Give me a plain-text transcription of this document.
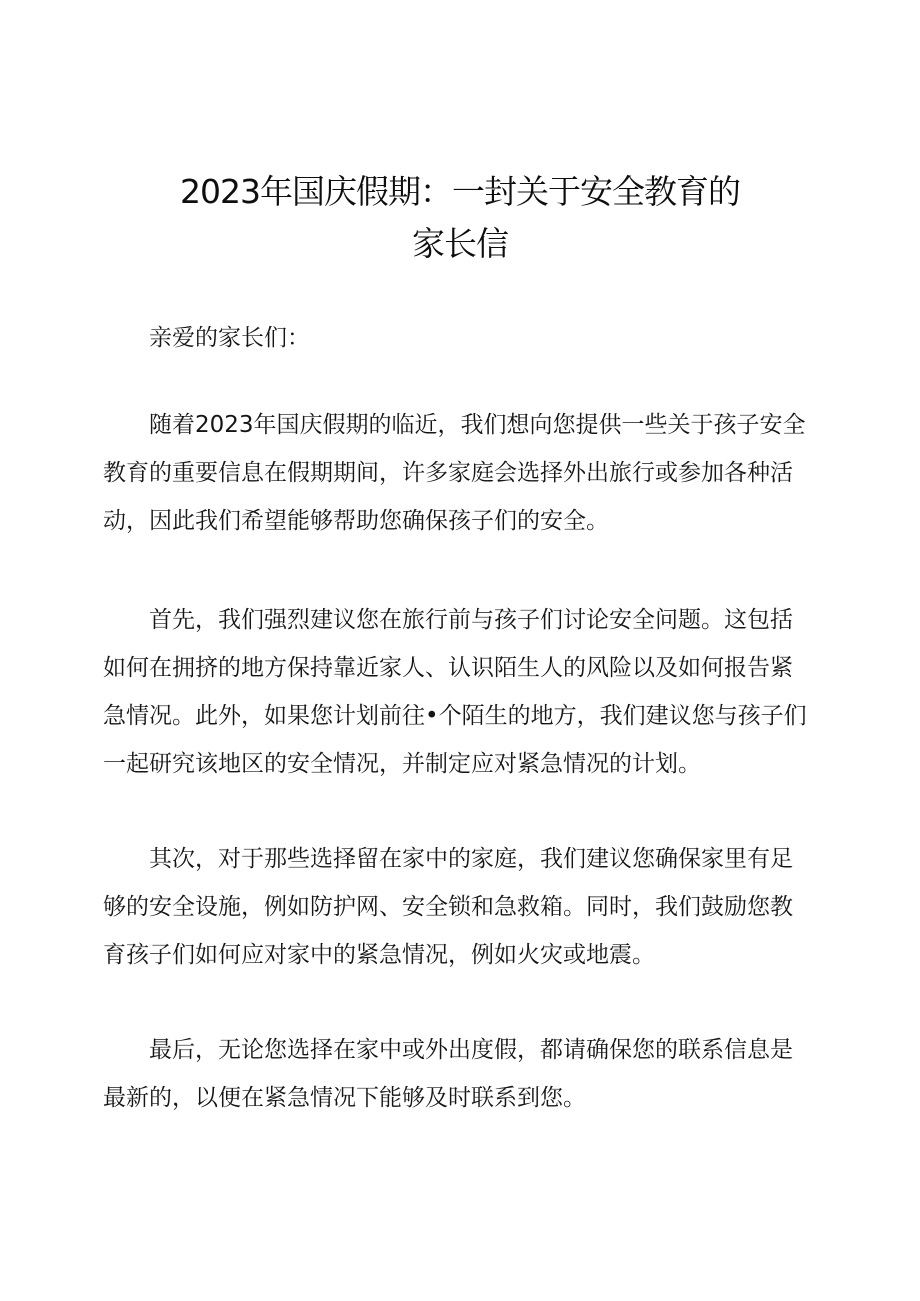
2023年国庆假期：一封关于安全教育的
家长信

亲爱的家长们：

随着2023年国庆假期的临近，我们想向您提供一些关于孩子安全
教育的重要信息在假期期间，许多家庭会选择外出旅行或参加各种活
动，因此我们希望能够帮助您确保孩子们的安全。

首先，我们强烈建议您在旅行前与孩子们讨论安全问题。这包括
如何在拥挤的地方保持靠近家人、认识陌生人的风险以及如何报告紧
急情况。此外，如果您计划前往•个陌生的地方，我们建议您与孩子们
一起研究该地区的安全情况，并制定应对紧急情况的计划。

其次，对于那些选择留在家中的家庭，我们建议您确保家里有足
够的安全设施，例如防护网、安全锁和急救箱。同时，我们鼓励您教
育孩子们如何应对家中的紧急情况，例如火灾或地震。

最后，无论您选择在家中或外出度假，都请确保您的联系信息是
最新的，以便在紧急情况下能够及时联系到您。
